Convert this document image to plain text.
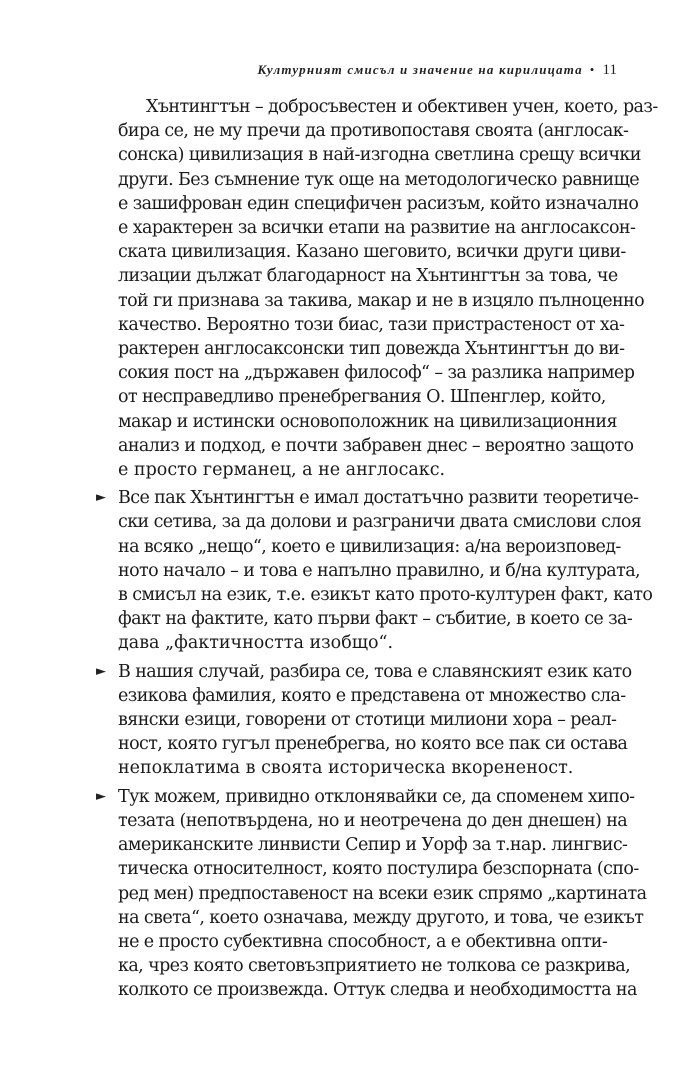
Културният смисъл и значение на кирилицата • 11
Хънтингтън – добросъвестен и обективен учен, което, раз-
бира се, не му пречи да противопоставя своята (англосак-
сонска) цивилизация в най-изгодна светлина срещу всички
други. Без съмнение тук още на методологическо равнище
е зашифрован един специфичен расизъм, който изначално
е характерен за всички етапи на развитие на англосаксон-
ската цивилизация. Казано шеговито, всички други циви-
лизации дължат благодарност на Хънтингтън за това, че
той ги признава за такива, макар и не в изцяло пълноценно
качество. Вероятно този биас, тази пристрастеност от ха-
рактерен англосаксонски тип довежда Хънтингтън до ви-
сокия пост на „държавен философ“ – за разлика например
от несправедливо пренебрегвания О. Шпенглер, който,
макар и истински основоположник на цивилизационния
анализ и подход, е почти забравен днес – вероятно защото
е просто германец, а не англосакс.
► Все пак Хънтингтън е имал достатъчно развити теоретиче-
ски сетива, за да долови и разграничи двата смислови слоя
на всяко „нещо“, което е цивилизация: а/на вероизповед-
ното начало – и това е напълно правилно, и б/на културата,
в смисъл на език, т.е. езикът като прото-културен факт, като
факт на фактите, като първи факт – събитие, в което се за-
дава „фактичността изобщо“.
► В нашия случай, разбира се, това е славянският език като
езикова фамилия, която е представена от множество сла-
вянски езици, говорени от стотици милиони хора – реал-
ност, която гугъл пренебрегва, но която все пак си остава
непоклатима в своята историческа вкорененост.
► Тук можем, привидно отклонявайки се, да споменем хипо-
тезата (непотвърдена, но и неотречена до ден днешен) на
американските линвисти Сепир и Уорф за т.нар. лингвис-
тическа относителност, която постулира безспорната (спо-
ред мен) предпоставеност на всеки език спрямо „картината
на света“, което означава, между другото, и това, че езикът
не е просто субективна способност, а е обективна опти-
ка, чрез която световъзприятието не толкова се разкрива,
колкото се произвежда. Оттук следва и необходимостта на
